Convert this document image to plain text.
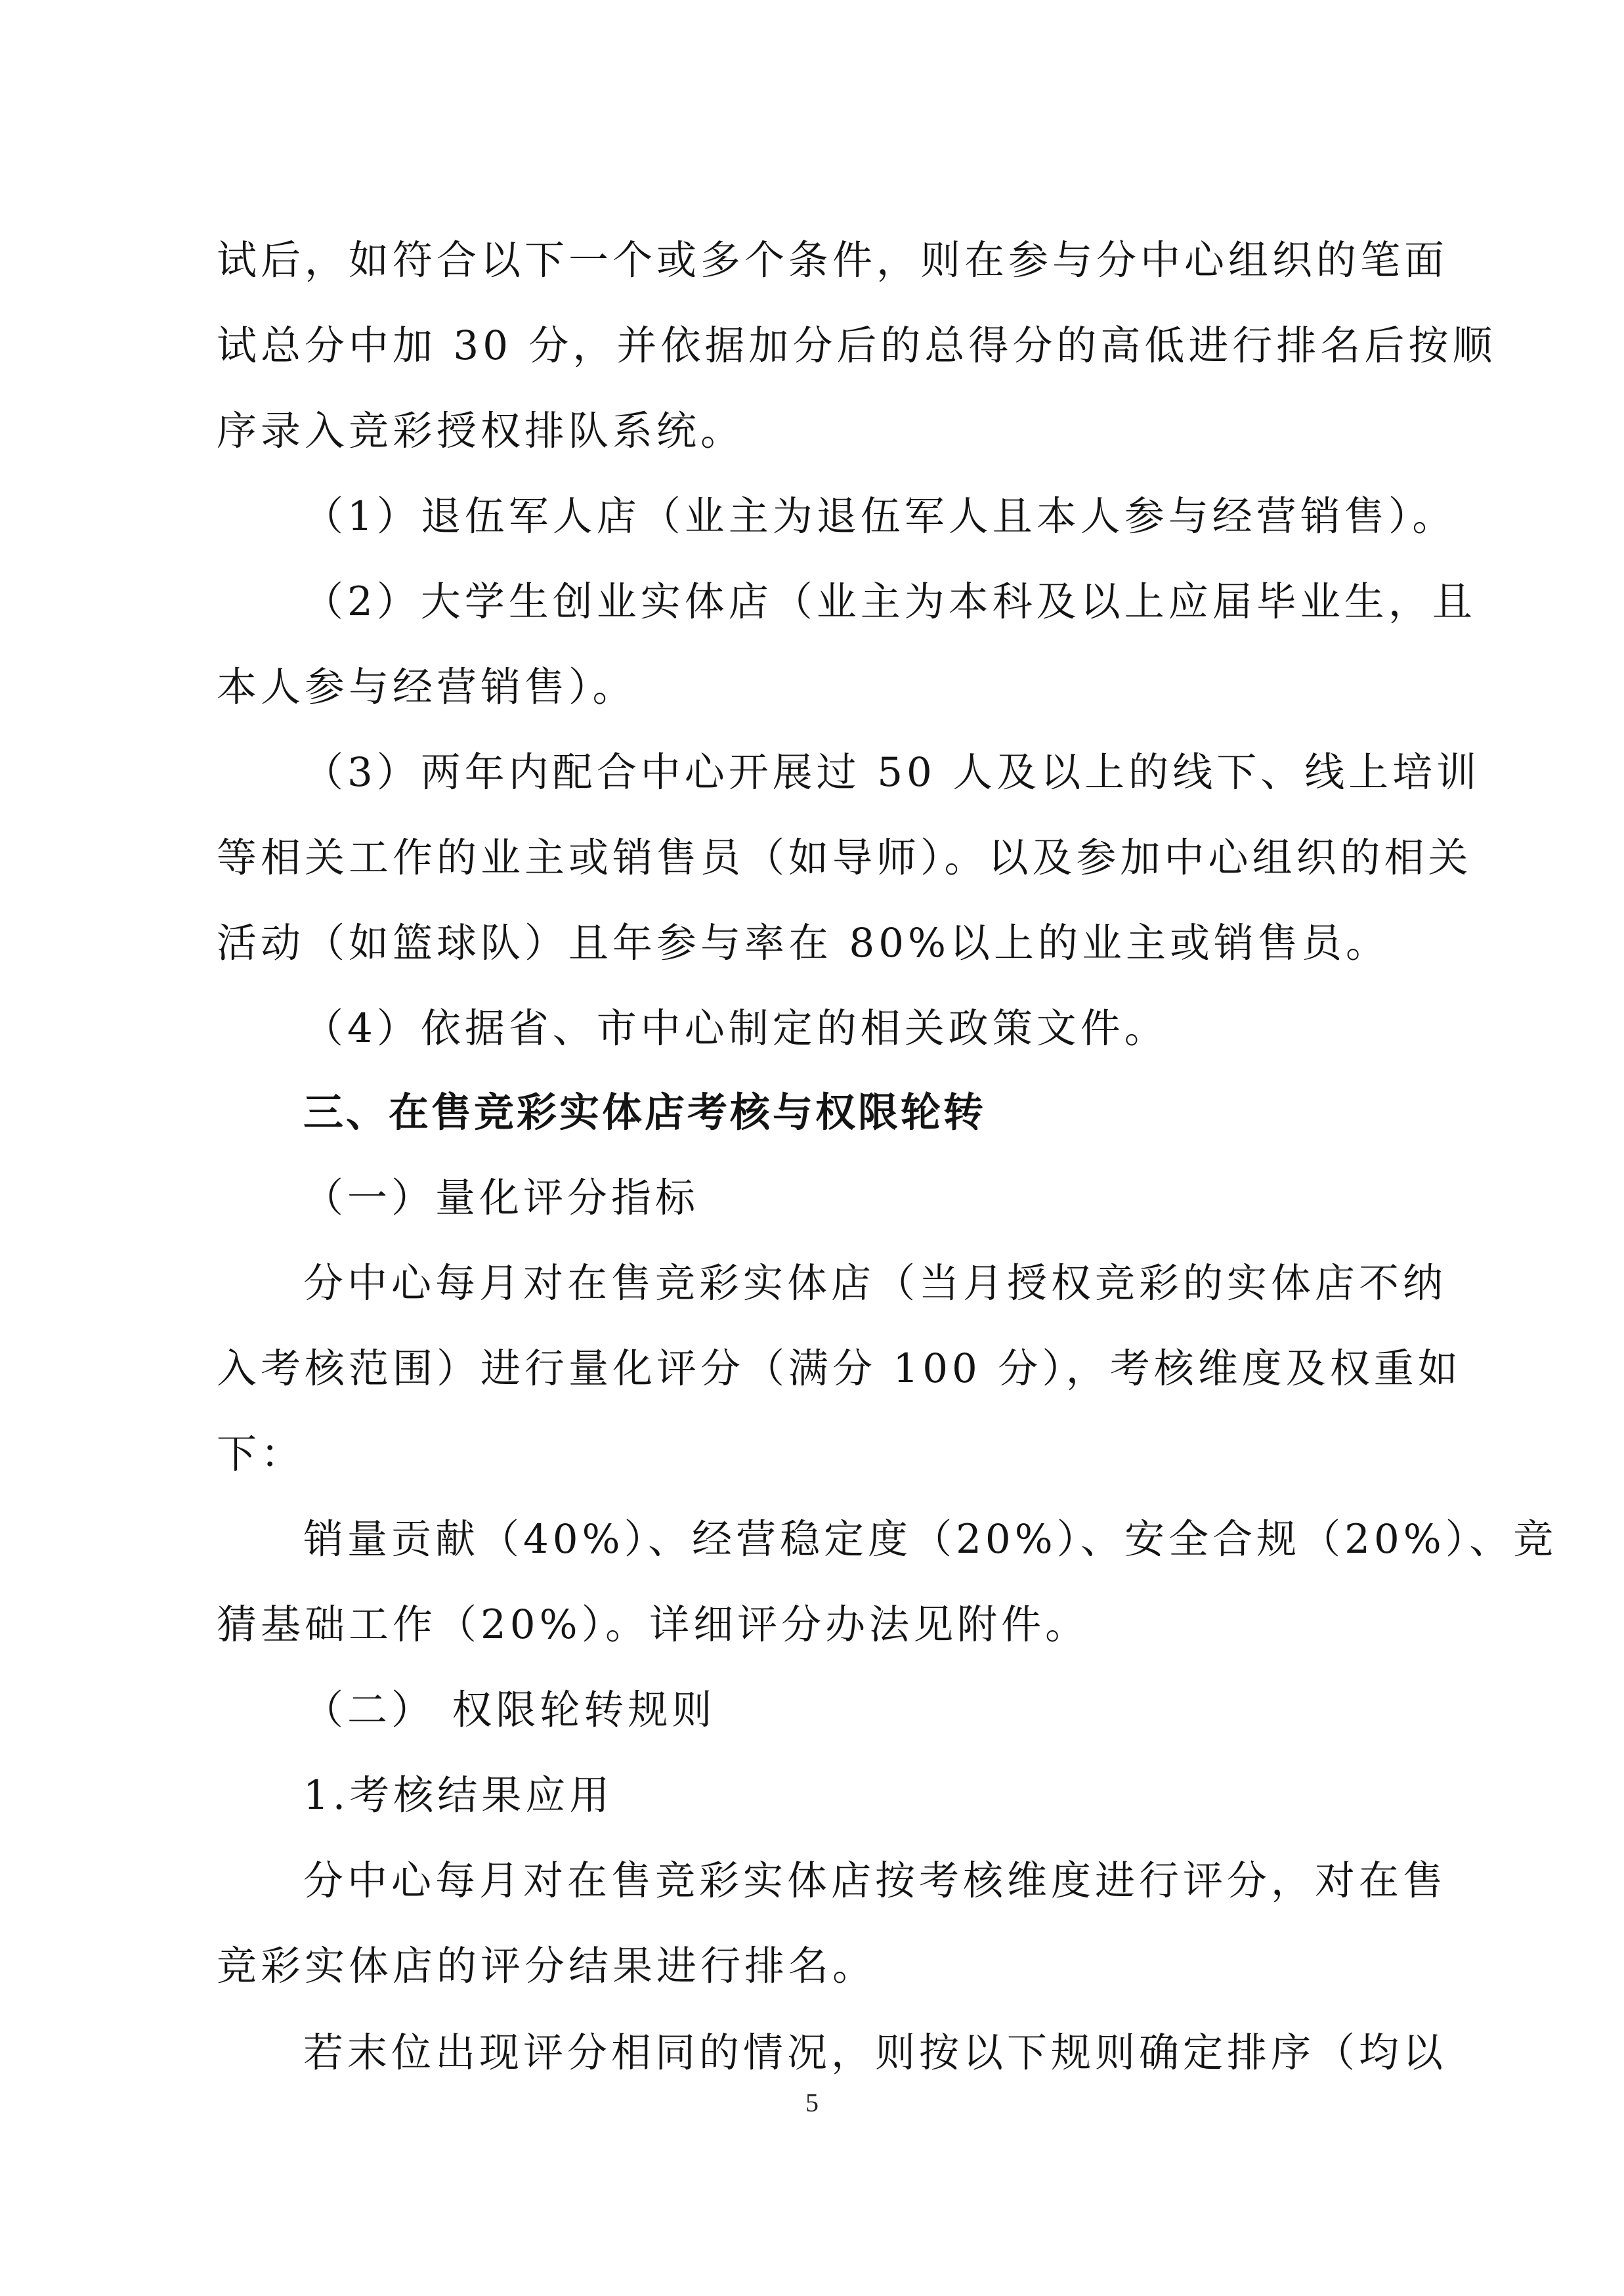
试后，如符合以下一个或多个条件，则在参与分中心组织的笔面
试总分中加 30 分，并依据加分后的总得分的高低进行排名后按顺
序录入竞彩授权排队系统。
（1）退伍军人店（业主为退伍军人且本人参与经营销售）。
（2）大学生创业实体店（业主为本科及以上应届毕业生，且
本人参与经营销售）。
（3）两年内配合中心开展过 50 人及以上的线下、线上培训
等相关工作的业主或销售员（如导师）。以及参加中心组织的相关
活动（如篮球队）且年参与率在 80%以上的业主或销售员。
（4）依据省、市中心制定的相关政策文件。
三、在售竞彩实体店考核与权限轮转
（一）量化评分指标
分中心每月对在售竞彩实体店（当月授权竞彩的实体店不纳
入考核范围）进行量化评分（满分 100 分），考核维度及权重如
下：
销量贡献（40%）、经营稳定度（20%）、安全合规（20%）、竞
猜基础工作（20%）。详细评分办法见附件。
（二） 权限轮转规则
1.考核结果应用
分中心每月对在售竞彩实体店按考核维度进行评分，对在售
竞彩实体店的评分结果进行排名。
若末位出现评分相同的情况，则按以下规则确定排序（均以
5
